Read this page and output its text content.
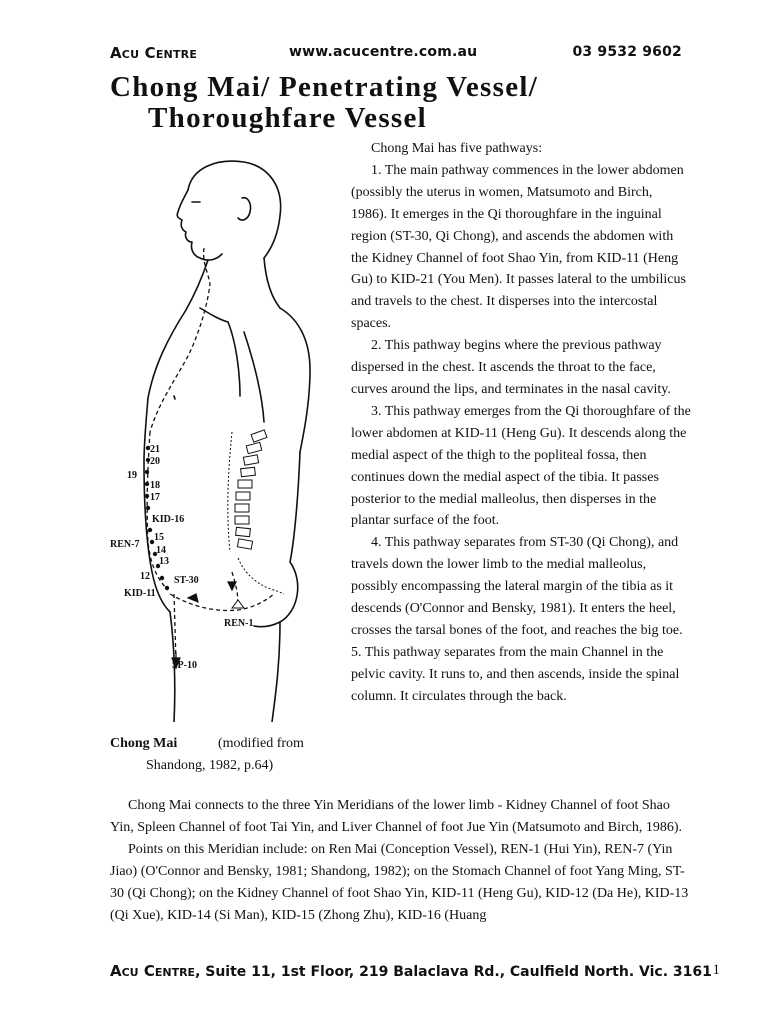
Acu Centre	www.acucentre.com.au	03 9532 9602
Chong Mai/ Penetrating Vessel/
Thoroughfare Vessel
21
20
19
18
17
KID-16
15
REN-7
14
13
12 ST-30
KID-11
REN-1
SP-10
Chong Mai	(modified from
Shandong, 1982, p.64)

Chong Mai has five pathways:

1. The main pathway commences in the lower abdomen (possibly the uterus in women, Matsumoto and Birch, 1986). It emerges in the Qi thoroughfare in the inguinal region (ST-30, Qi Chong), and ascends the abdomen with the Kidney Channel of foot Shao Yin, from KID-11 (Heng Gu) to KID-21 (You Men). It passes lateral to the umbilicus and travels to the chest. It disperses into the intercostal spaces.

2. This pathway begins where the previous pathway dispersed in the chest. It ascends the throat to the face, curves around the lips, and terminates in the nasal cavity.

3. This pathway emerges from the Qi thoroughfare of the lower abdomen at KID-11 (Heng Gu). It descends along the medial aspect of the thigh to the popliteal fossa, then continues down the medial aspect of the tibia. It passes posterior to the medial malleolus, then disperses in the plantar surface of the foot.

4. This pathway separates from ST-30 (Qi Chong), and travels down the lower limb to the medial malleolus, possibly encompassing the lateral margin of the tibia as it descends (O'Connor and Bensky, 1981). It enters the heel, crosses the tarsal bones of the foot, and reaches the big toe.

5. This pathway separates from the main Channel in the pelvic cavity. It runs to, and then ascends, inside the spinal column. It circulates through the back.

Chong Mai connects to the three Yin Meridians of the lower limb - Kidney Channel of foot Shao Yin, Spleen Channel of foot Tai Yin, and Liver Channel of foot Jue Yin (Matsumoto and Birch, 1986).

Points on this Meridian include: on Ren Mai (Conception Vessel), REN-1 (Hui Yin), REN-7 (Yin Jiao) (O'Connor and Bensky, 1981; Shandong, 1982); on the Stomach Channel of foot Yang Ming, ST-30 (Qi Chong); on the Kidney Channel of foot Shao Yin, KID-11 (Heng Gu), KID-12 (Da He), KID-13 (Qi Xue), KID-14 (Si Man), KID-15 (Zhong Zhu), KID-16 (Huang

Acu Centre, Suite 11, 1st Floor, 219 Balaclava Rd., Caulfield North. Vic. 3161 1
